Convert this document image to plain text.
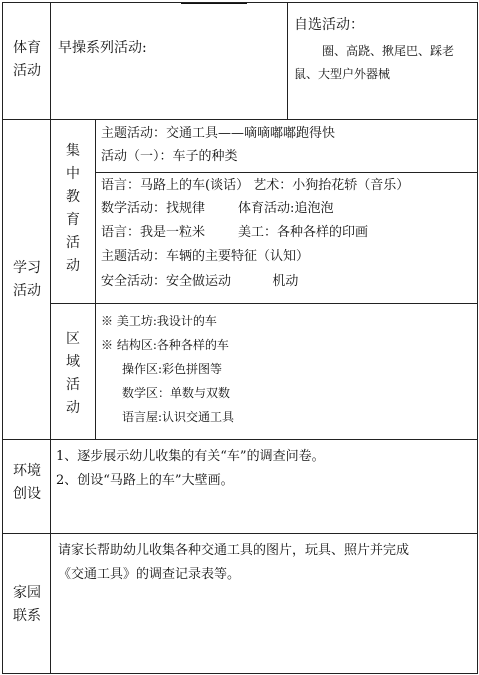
体育活动
早操系列活动:
自选活动：
圈、高跷、揪尾巴、踩老
鼠、大型户外器械
学习活动
集中教育活动
主题活动：交通工具——嘀嘀嘟嘟跑得快
活动（一）：车子的种类
语言：马路上的车(谈话） 艺术：小狗抬花轿（音乐）
数学活动：找规律        体育活动:追泡泡
语言：我是一粒米        美工：各种各样的印画
主题活动：车辆的主要特征（认知）
安全活动：安全做运动          机动
区域活动
※ 美工坊:我设计的车
※ 结构区:各种各样的车
操作区:彩色拼图等
数学区：单数与双数
语言屋:认识交通工具
环境创设
1、逐步展示幼儿收集的有关“车”的调查问卷。
2、创设“马路上的车”大壁画。
家园联系
请家长帮助幼儿收集各种交通工具的图片，玩具、照片并完成
《交通工具》的调查记录表等。
